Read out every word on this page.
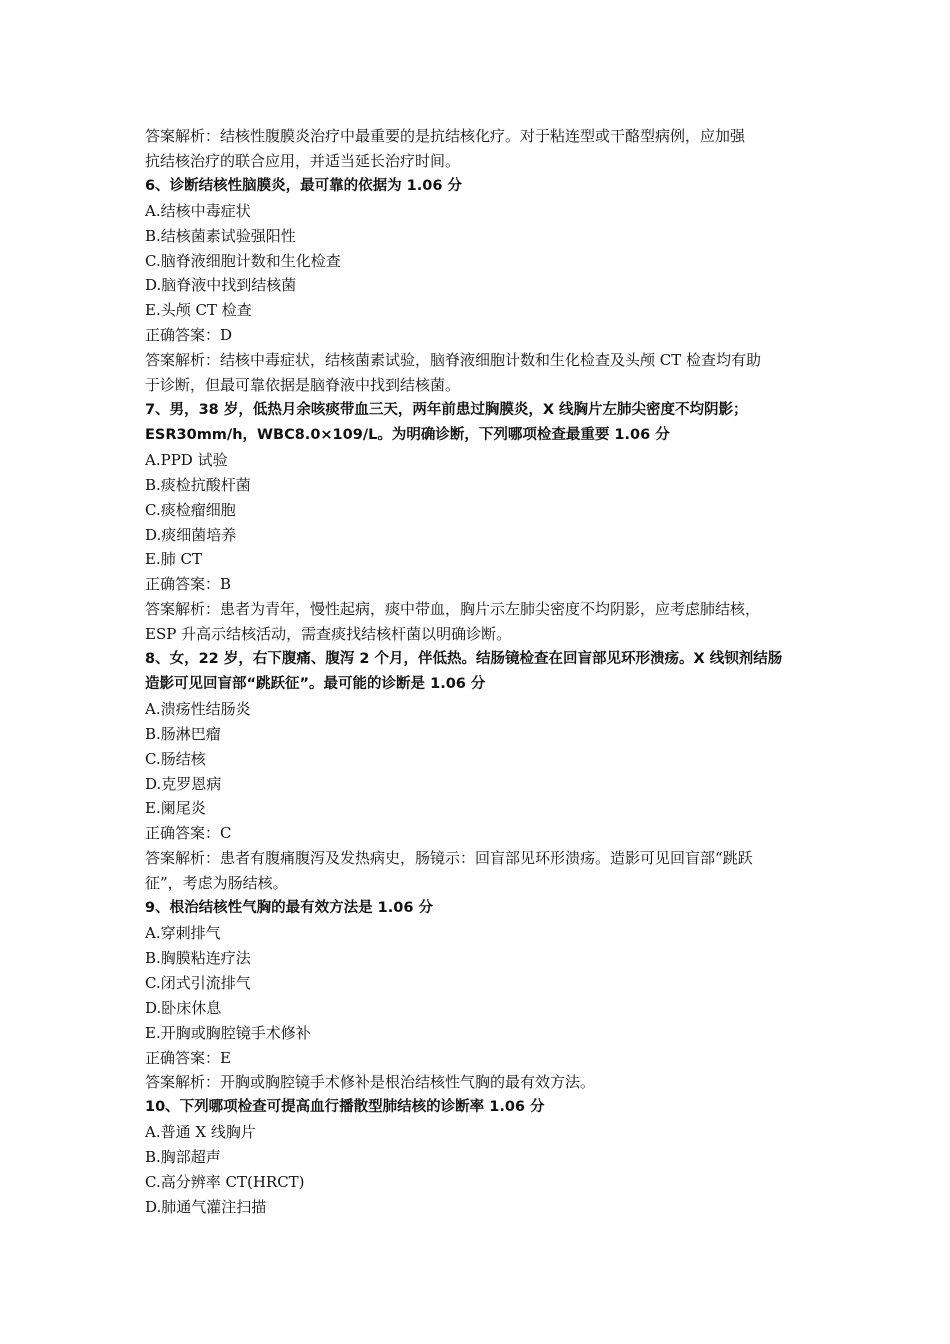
答案解析：结核性腹膜炎治疗中最重要的是抗结核化疗。对于粘连型或干酪型病例，应加强
抗结核治疗的联合应用，并适当延长治疗时间。
6、诊断结核性脑膜炎，最可靠的依据为 1.06 分
A.结核中毒症状
B.结核菌素试验强阳性
C.脑脊液细胞计数和生化检查
D.脑脊液中找到结核菌
E.头颅 CT 检查
正确答案：D
答案解析：结核中毒症状，结核菌素试验，脑脊液细胞计数和生化检查及头颅 CT 检查均有助
于诊断，但最可靠依据是脑脊液中找到结核菌。
7、男，38 岁，低热月余咳痰带血三天，两年前患过胸膜炎，X 线胸片左肺尖密度不均阴影；
ESR30mm/h，WBC8.0×109/L。为明确诊断，下列哪项检查最重要 1.06 分
A.PPD 试验
B.痰检抗酸杆菌
C.痰检瘤细胞
D.痰细菌培养
E.肺 CT
正确答案：B
答案解析：患者为青年，慢性起病，痰中带血，胸片示左肺尖密度不均阴影，应考虑肺结核，
ESP 升高示结核活动，需查痰找结核杆菌以明确诊断。
8、女，22 岁，右下腹痛、腹泻 2 个月，伴低热。结肠镜检查在回盲部见环形溃疡。X 线钡剂结肠
造影可见回盲部“跳跃征”。最可能的诊断是 1.06 分
A.溃疡性结肠炎
B.肠淋巴瘤
C.肠结核
D.克罗恩病
E.阑尾炎
正确答案：C
答案解析：患者有腹痛腹泻及发热病史，肠镜示：回盲部见环形溃疡。造影可见回盲部“跳跃
征”，考虑为肠结核。
9、根治结核性气胸的最有效方法是 1.06 分
A.穿刺排气
B.胸膜粘连疗法
C.闭式引流排气
D.卧床休息
E.开胸或胸腔镜手术修补
正确答案：E
答案解析：开胸或胸腔镜手术修补是根治结核性气胸的最有效方法。
10、下列哪项检查可提高血行播散型肺结核的诊断率 1.06 分
A.普通 X 线胸片
B.胸部超声
C.高分辨率 CT(HRCT)
D.肺通气灌注扫描
